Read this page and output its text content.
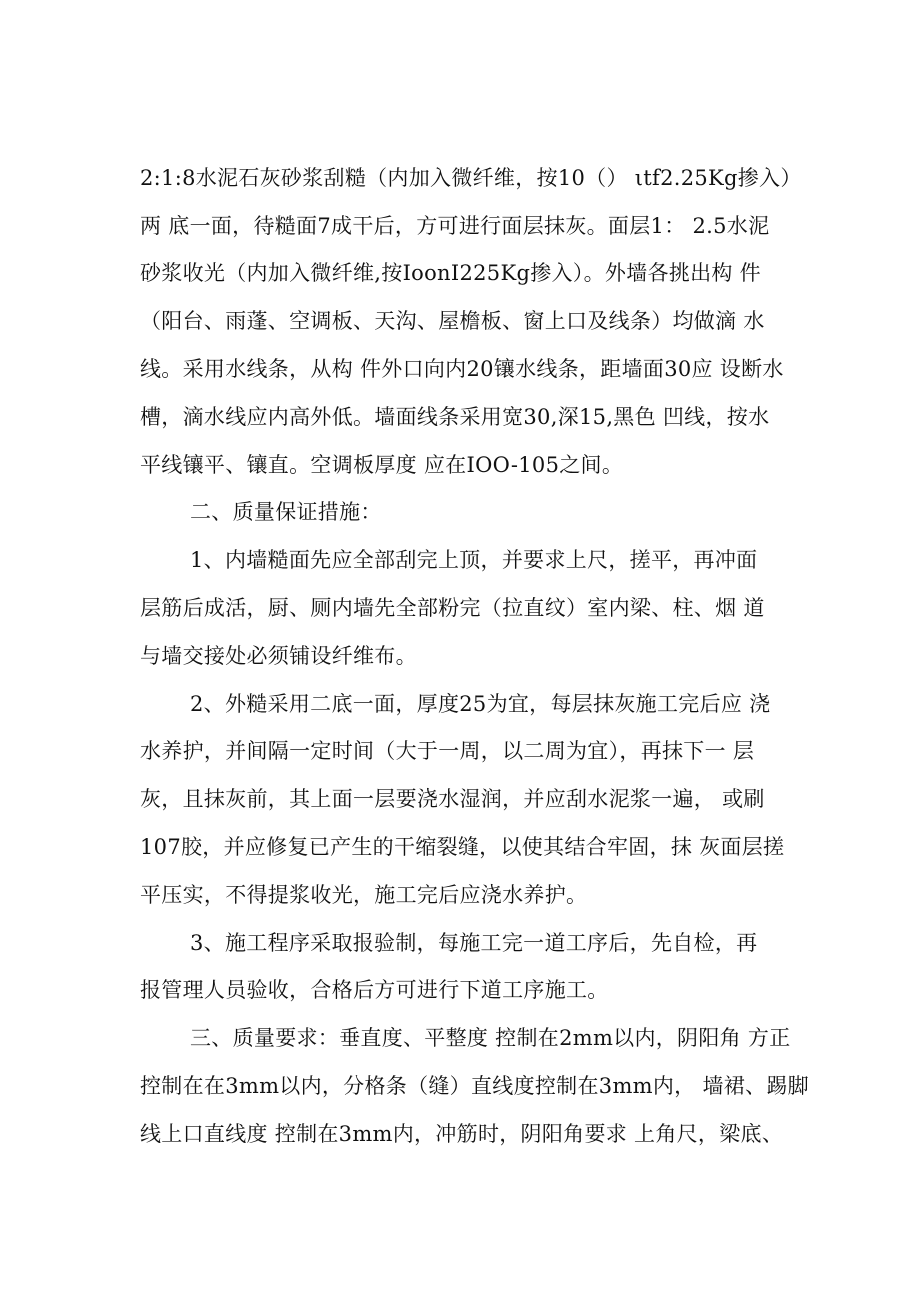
2:1:8水泥石灰砂浆刮糙（内加入微纤维，按10（） ιtf2.25Kg掺入）
两 底一面，待糙面7成干后，方可进行面层抹灰。面层1： 2.5水泥
砂浆收光（内加入微纤维,按IoonI225Kg掺入）。外墙各挑出构 件
（阳台、雨蓬、空调板、天沟、屋檐板、窗上口及线条）均做滴 水
线。采用水线条，从构 件外口向内20镶水线条，距墙面30应 设断水
槽，滴水线应内高外低。墙面线条采用宽30,深15,黑色 凹线，按水
平线镶平、镶直。空调板厚度 应在IOO-105之间。
二、质量保证措施：
1、内墙糙面先应全部刮完上顶，并要求上尺，搓平，再冲面
层筋后成活，厨、厕内墙先全部粉完（拉直纹）室内梁、柱、烟 道
与墙交接处必须铺设纤维布。
2、外糙采用二底一面，厚度25为宜，每层抹灰施工完后应 浇
水养护，并间隔一定时间（大于一周，以二周为宜），再抹下一 层
灰，且抹灰前，其上面一层要浇水湿润，并应刮水泥浆一遍， 或刷
107胶，并应修复已产生的干缩裂缝，以使其结合牢固，抹 灰面层搓
平压实，不得提浆收光，施工完后应浇水养护。
3、施工程序采取报验制，每施工完一道工序后，先自检，再
报管理人员验收，合格后方可进行下道工序施工。
三、质量要求：垂直度、平整度 控制在2mm以内，阴阳角 方正
控制在在3mm以内，分格条（缝）直线度控制在3mm内， 墙裙、踢脚
线上口直线度 控制在3mm内，冲筋时，阴阳角要求 上角尺，梁底、
